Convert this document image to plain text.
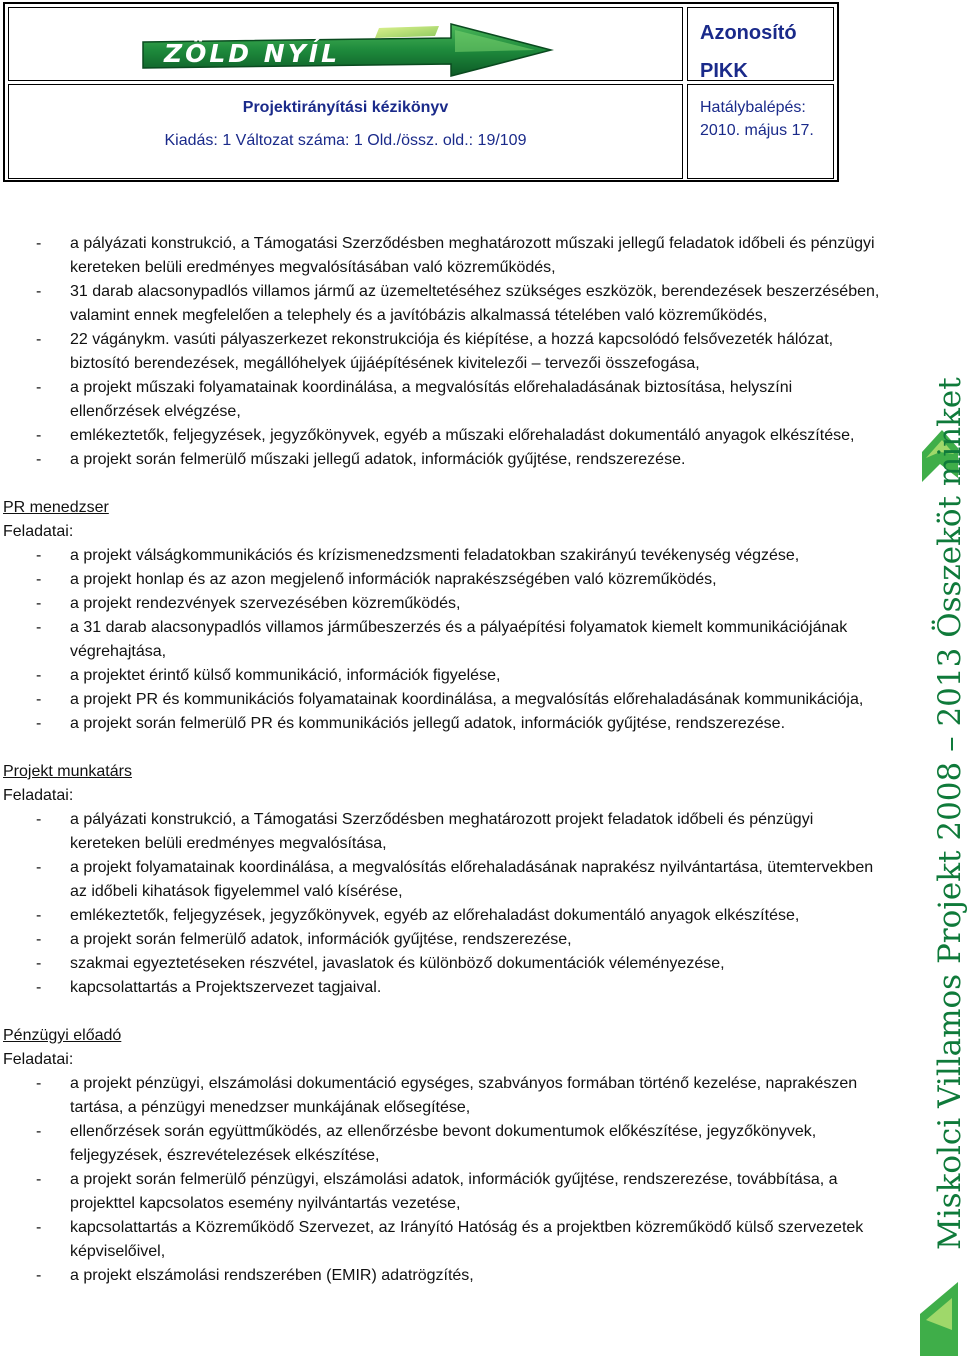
ZÖLD NYÍL
Azonosító
PIKK
Projektirányítási kézikönyv
Kiadás: 1 Változat száma: 1 Old./össz. old.: 19/109
Hatálybalépés:
2010. május 17.
- a pályázati konstrukció, a Támogatási Szerződésben meghatározott műszaki jellegű feladatok időbeli és pénzügyi kereteken belüli eredményes megvalósításában való közreműködés,
- 31 darab alacsonypadlós villamos jármű az üzemeltetéséhez szükséges eszközök, berendezések beszerzésében, valamint ennek megfelelően a telephely és a javítóbázis alkalmassá tételében való közreműködés,
- 22 vágánykm. vasúti pályaszerkezet rekonstrukciója és kiépítése, a hozzá kapcsolódó felsővezeték hálózat, biztosító berendezések, megállóhelyek újjáépítésének kivitelezői – tervezői összefogása,
- a projekt műszaki folyamatainak koordinálása, a megvalósítás előrehaladásának biztosítása, helyszíni ellenőrzések elvégzése,
- emlékeztetők, feljegyzések, jegyzőkönyvek, egyéb a műszaki előrehaladást dokumentáló anyagok elkészítése,
- a projekt során felmerülő műszaki jellegű adatok, információk gyűjtése, rendszerezése.
PR menedzser
Feladatai:
- a projekt válságkommunikációs és krízismenedzsmenti feladatokban szakirányú tevékenység végzése,
- a projekt honlap és az azon megjelenő információk naprakészségében való közreműködés,
- a projekt rendezvények szervezésében közreműködés,
- a 31 darab alacsonypadlós villamos járműbeszerzés és a pályaépítési folyamatok kiemelt kommunikációjának végrehajtása,
- a projektet érintő külső kommunikáció, információk figyelése,
- a projekt PR és kommunikációs folyamatainak koordinálása, a megvalósítás előrehaladásának kommunikációja,
- a projekt során felmerülő PR és kommunikációs jellegű adatok, információk gyűjtése, rendszerezése.
Projekt munkatárs
Feladatai:
- a pályázati konstrukció, a Támogatási Szerződésben meghatározott projekt feladatok időbeli és pénzügyi kereteken belüli eredményes megvalósítása,
- a projekt folyamatainak koordinálása, a megvalósítás előrehaladásának naprakész nyilvántartása, ütemtervekben az időbeli kihatások figyelemmel való kísérése,
- emlékeztetők, feljegyzések, jegyzőkönyvek, egyéb az előrehaladást dokumentáló anyagok elkészítése,
- a projekt során felmerülő adatok, információk gyűjtése, rendszerezése,
- szakmai egyeztetéseken részvétel, javaslatok és különböző dokumentációk véleményezése,
- kapcsolattartás a Projektszervezet tagjaival.
Pénzügyi előadó
Feladatai:
- a projekt pénzügyi, elszámolási dokumentáció egységes, szabványos formában történő kezelése, naprakészen tartása, a pénzügyi menedzser munkájának elősegítése,
- ellenőrzések során együttműködés, az ellenőrzésbe bevont dokumentumok előkészítése, jegyzőkönyvek, feljegyzések, észrevételezések elkészítése,
- a projekt során felmerülő pénzügyi, elszámolási adatok, információk gyűjtése, rendszerezése, továbbítása, a projekttel kapcsolatos esemény nyilvántartás vezetése,
- kapcsolattartás a Közreműködő Szervezet, az Irányító Hatóság és a projektben közreműködő külső szervezetek képviselőivel,
- a projekt elszámolási rendszerében (EMIR) adatrögzítés,
Miskolci Villamos Projekt 2008 – 2013 Összeköt minket
